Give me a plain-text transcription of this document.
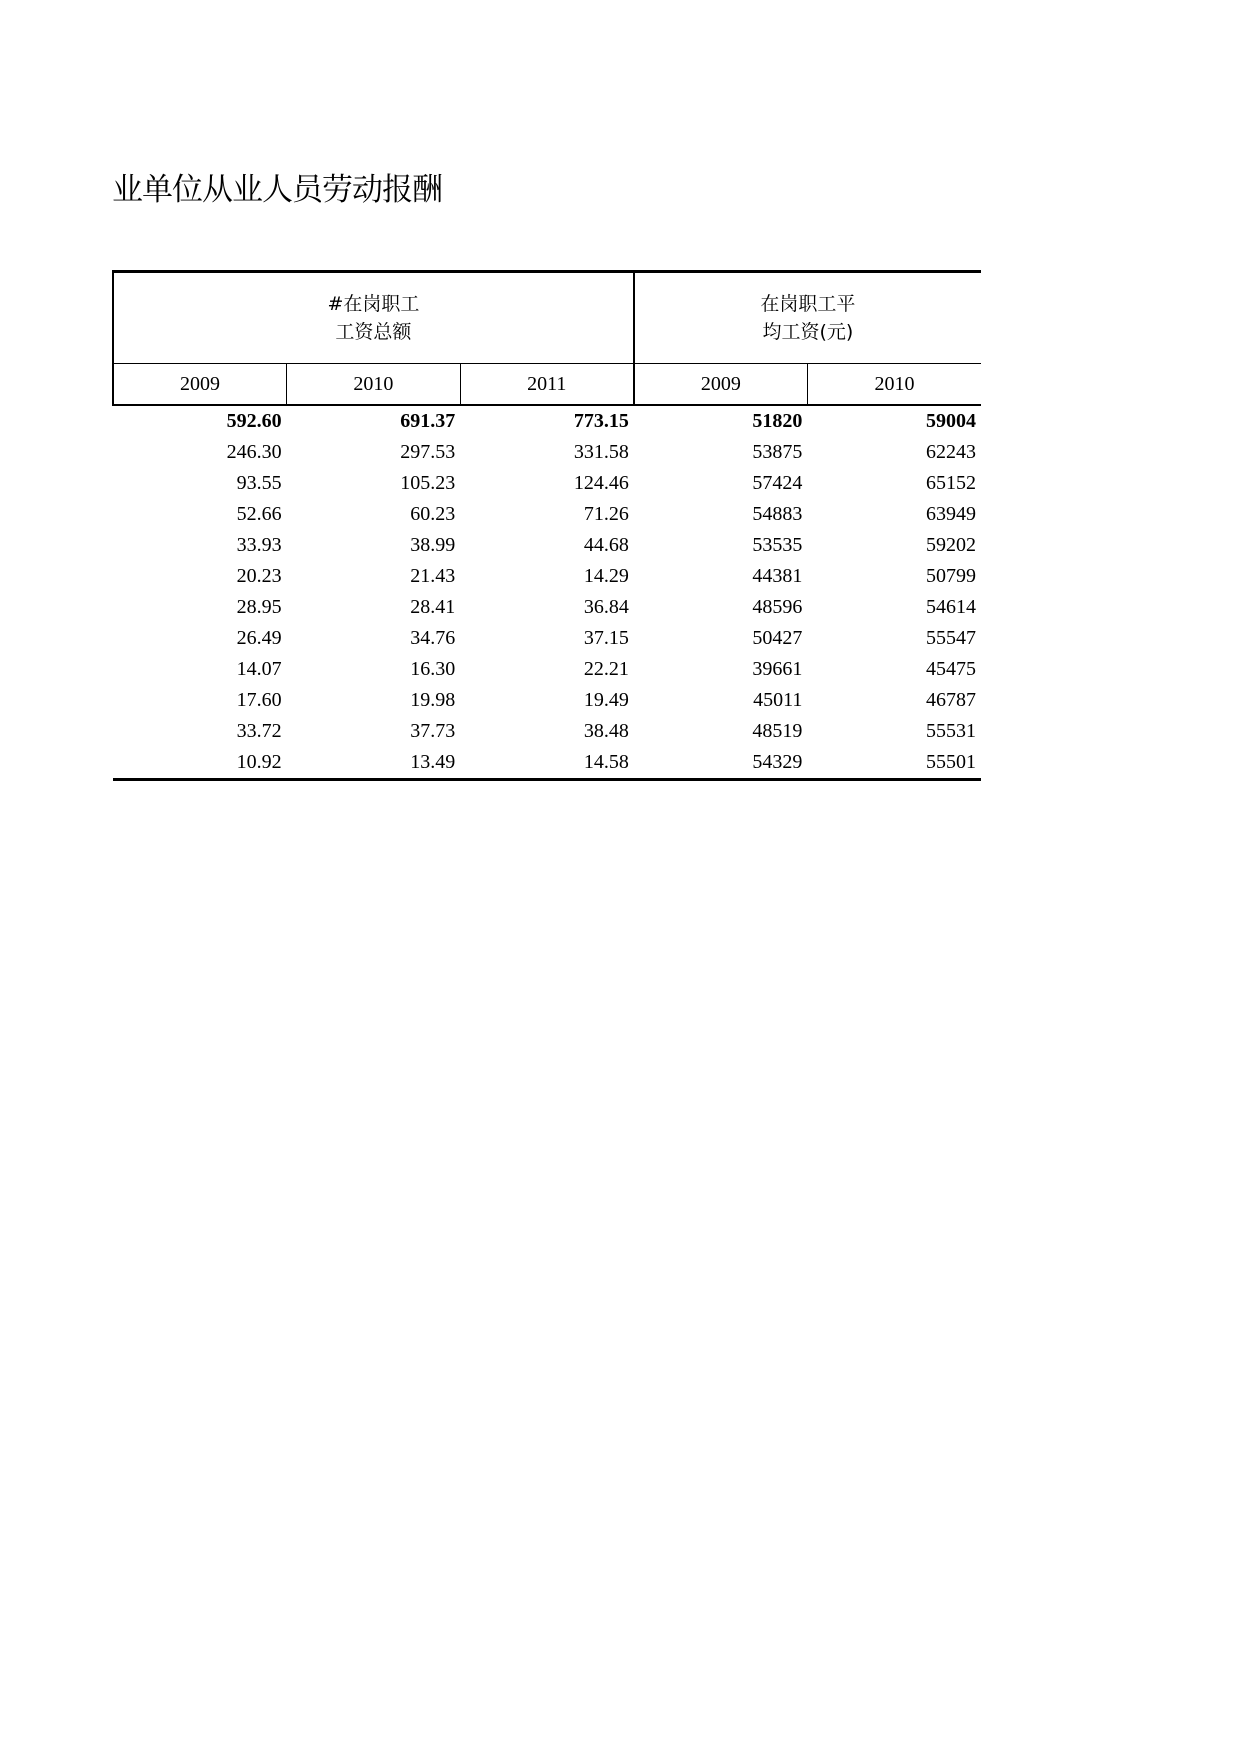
业单位从业人员劳动报酬
#在岗职工
工资总额			在岗职工平
均工资(元)	

2009	2010	2011	2009	2010
592.60	691.37	773.15	51820	59004
246.30	297.53	331.58	53875	62243
93.55	105.23	124.46	57424	65152
52.66	60.23	71.26	54883	63949
33.93	38.99	44.68	53535	59202
20.23	21.43	14.29	44381	50799
28.95	28.41	36.84	48596	54614
26.49	34.76	37.15	50427	55547
14.07	16.30	22.21	39661	45475
17.60	19.98	19.49	45011	46787
33.72	37.73	38.48	48519	55531
10.92	13.49	14.58	54329	55501
